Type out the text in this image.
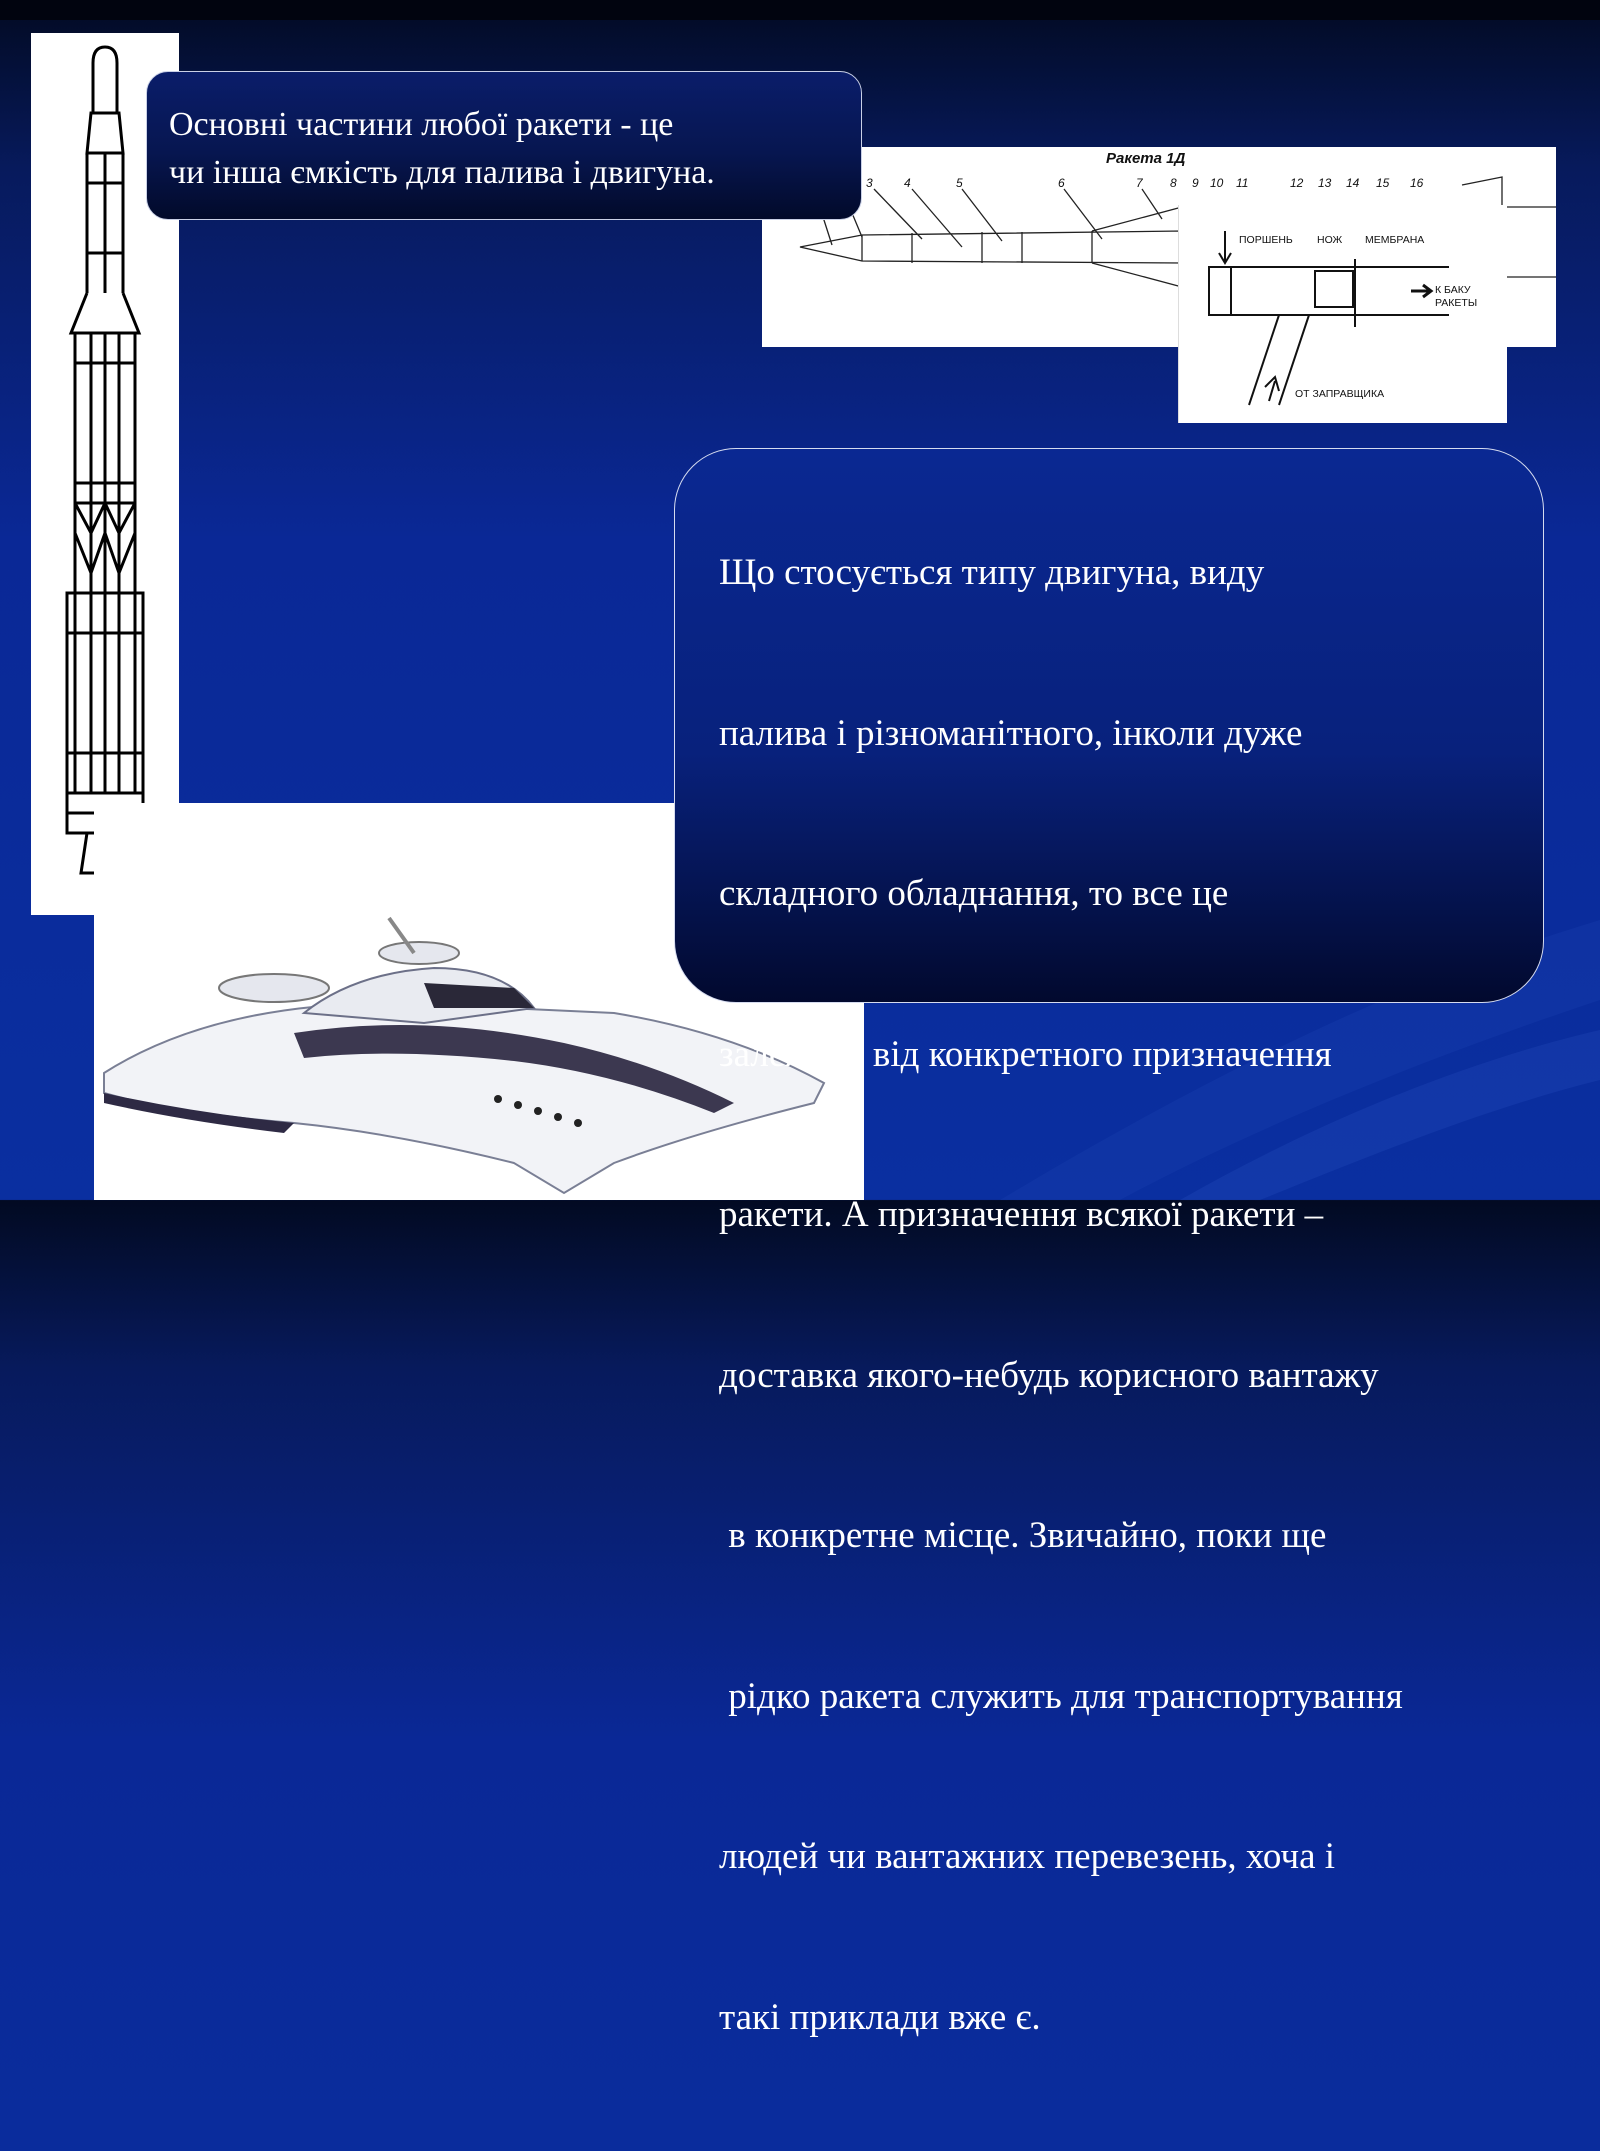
Ракета 1Д
3	4	5	6	7 8 9 10 11	12 13 14 15 16
ПОРШЕНЬ НОЖ МЕМБРАНА
К БАКУ
РАКЕТЫ
ОТ ЗАПРАВЩИКА
Основні частини любої ракети - це
чи інша ємкість для палива і двигуна.

Що стосується типу двигуна, виду

палива і різноманітного, інколи дуже

складного обладнання, то все це

залежить від конкретного призначення

ракети. А призначення всякої ракети –

доставка якого-небудь корисного вантажу

в конкретне місце. Звичайно, поки ще

рідко ракета служить для транспортування

людей чи вантажних перевезень, хоча і

такі приклади вже є.
